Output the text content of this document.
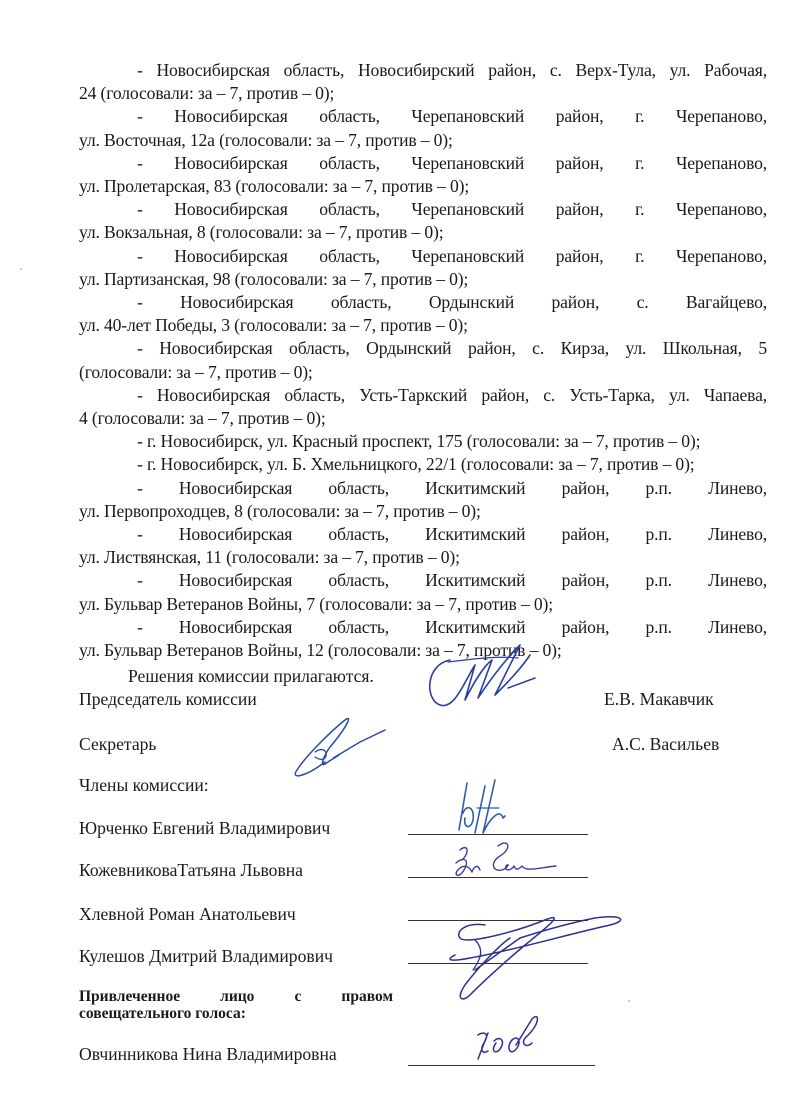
- Новосибирская область, Новосибирский район, с. Верх-Тула, ул. Рабочая,
24 (голосовали: за – 7, против – 0);
- Новосибирская область, Черепановский район, г. Черепаново,
ул. Восточная, 12а (голосовали: за – 7, против – 0);
- Новосибирская область, Черепановский район, г. Черепаново,
ул. Пролетарская, 83 (голосовали: за – 7, против – 0);
- Новосибирская область, Черепановский район, г. Черепаново,
ул. Вокзальная, 8 (голосовали: за – 7, против – 0);
- Новосибирская область, Черепановский район, г. Черепаново,
ул. Партизанская, 98 (голосовали: за – 7, против – 0);
- Новосибирская область, Ордынский район, с. Вагайцево,
ул. 40-лет Победы, 3 (голосовали: за – 7, против – 0);
- Новосибирская область, Ордынский район, с. Кирза, ул. Школьная, 5
(голосовали: за – 7, против – 0);
- Новосибирская область, Усть-Таркский район, с. Усть-Тарка, ул. Чапаева,
4 (голосовали: за – 7, против – 0);
- г. Новосибирск, ул. Красный проспект, 175 (голосовали: за – 7, против – 0);
- г. Новосибирск, ул. Б. Хмельницкого, 22/1 (голосовали: за – 7, против – 0);
- Новосибирская область, Искитимский район, р.п. Линево,
ул. Первопроходцев, 8 (голосовали: за – 7, против – 0);
- Новосибирская область, Искитимский район, р.п. Линево,
ул. Листвянская, 11 (голосовали: за – 7, против – 0);
- Новосибирская область, Искитимский район, р.п. Линево,
ул. Бульвар Ветеранов Войны, 7 (голосовали: за – 7, против – 0);
- Новосибирская область, Искитимский район, р.п. Линево,
ул. Бульвар Ветеранов Войны, 12 (голосовали: за – 7, против – 0);
Решения комиссии прилагаются.
Председатель комиссии	Е.В. Макавчик
Секретарь	А.С. Васильев
Члены комиссии:
Юрченко Евгений Владимирович
КожевниковаТатьяна Львовна
Хлевной Роман Анатольевич
Кулешов Дмитрий Владимирович
Привлеченное лицо с правом
совещательного голоса:
Овчинникова Нина Владимировна
